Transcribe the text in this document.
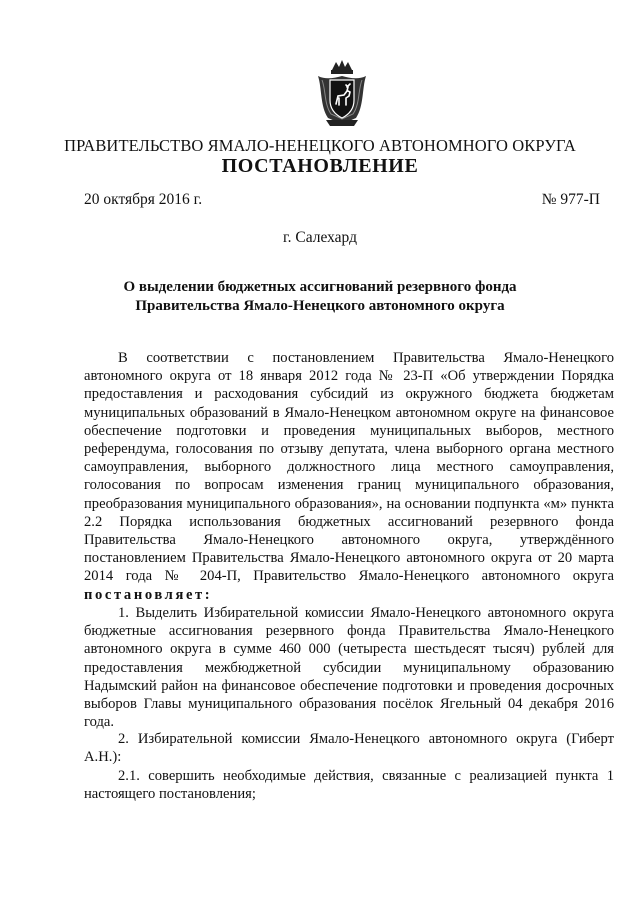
ПРАВИТЕЛЬСТВО ЯМАЛО-НЕНЕЦКОГО АВТОНОМНОГО ОКРУГА
ПОСТАНОВЛЕНИЕ
20 октября 2016 г.	№ 977-П
г. Салехард
О выделении бюджетных ассигнований резервного фонда
Правительства Ямало-Ненецкого автономного округа

В соответствии с постановлением Правительства Ямало-Ненецкого автономного округа от 18 января 2012 года № 23-П «Об утверждении Порядка предоставления и расходования субсидий из окружного бюджета бюджетам муниципальных образований в Ямало-Ненецком автономном округе на финансовое обеспечение подготовки и проведения муниципальных выборов, местного референдума, голосования по отзыву депутата, члена выборного органа местного самоуправления, выборного должностного лица местного самоуправления, голосования по вопросам изменения границ муниципального образования, преобразования муниципального образования», на основании подпункта «м» пункта 2.2 Порядка использования бюджетных ассигнований резервного фонда Правительства Ямало-Ненецкого автономного округа, утверждённого постановлением Правительства Ямало-Ненецкого автономного округа от 20 марта 2014 года № 204-П, Правительство Ямало-Ненецкого автономного округа постановляет:

1. Выделить Избирательной комиссии Ямало-Ненецкого автономного округа бюджетные ассигнования резервного фонда Правительства Ямало-Ненецкого автономного округа в сумме 460 000 (четыреста шестьдесят тысяч) рублей для предоставления межбюджетной субсидии муниципальному образованию Надымский район на финансовое обеспечение подготовки и проведения досрочных выборов Главы муниципального образования посёлок Ягельный 04 декабря 2016 года.

2. Избирательной комиссии Ямало-Ненецкого автономного округа (Гиберт А.Н.):

2.1. совершить необходимые действия, связанные с реализацией пункта 1 настоящего постановления;
